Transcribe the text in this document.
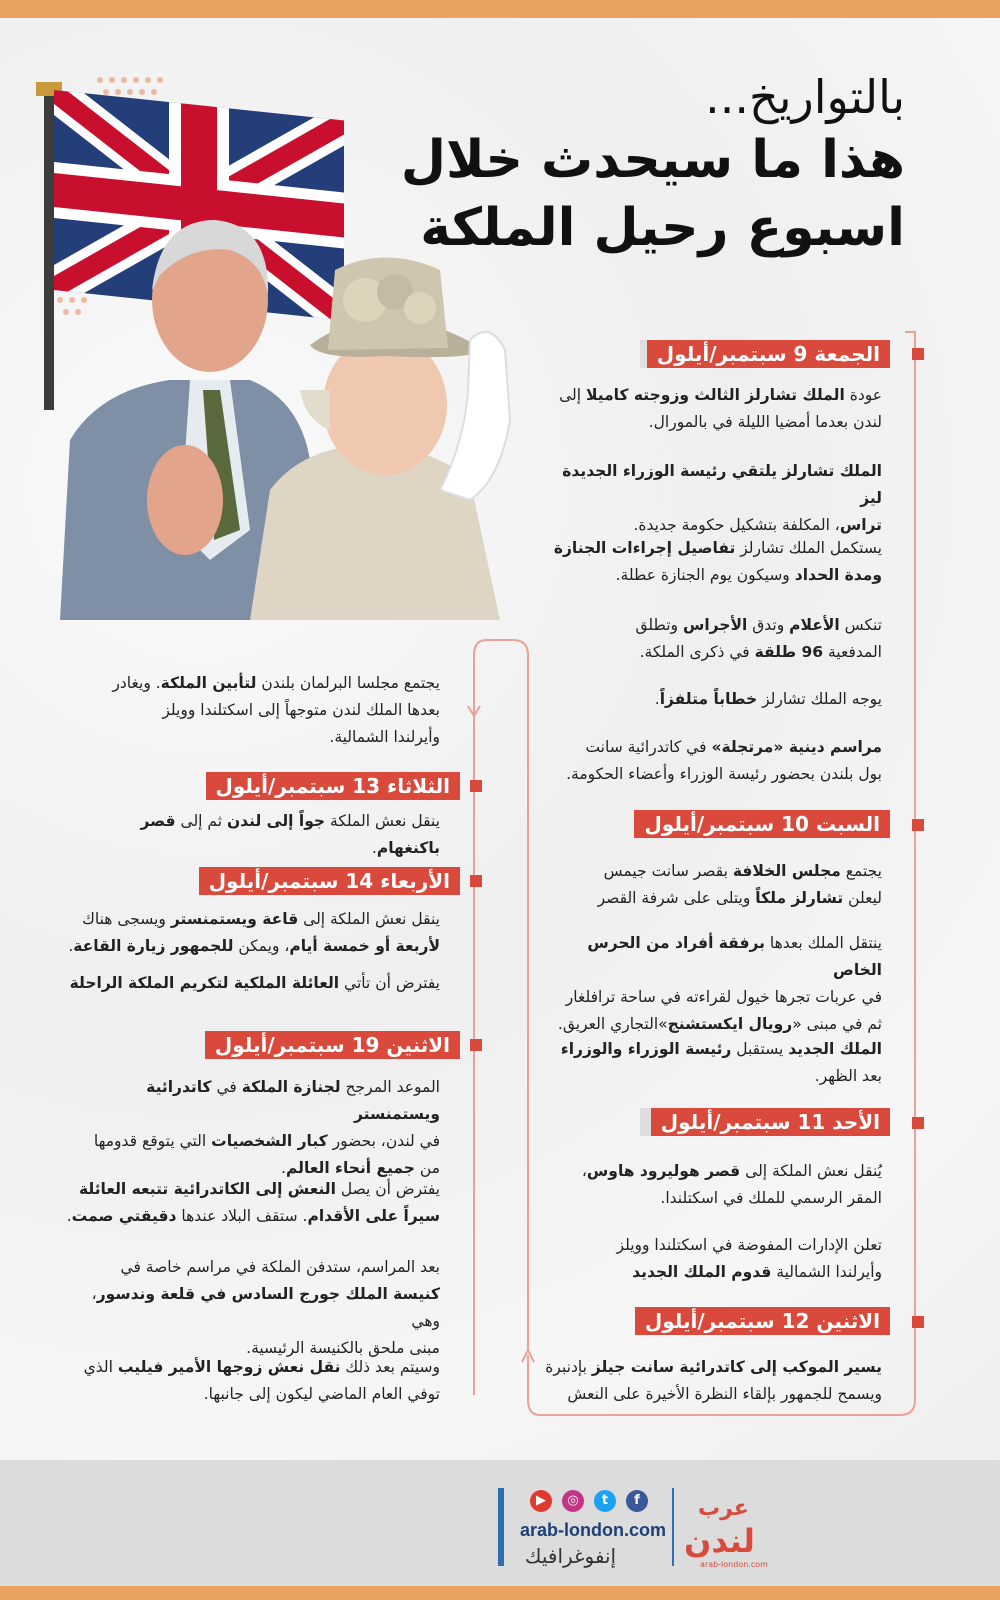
بالتواريخ...
هذا ما سيحدث خلال
اسبوع رحيل الملكة
الجمعة 9 سبتمبر/أيلول
عودة الملك تشارلز الثالث وزوجته كاميلا إلى
لندن بعدما أمضيا الليلة في بالمورال.
الملك تشارلز يلتقي رئيسة الوزراء الجديدة ليز
تراس، المكلفة بتشكيل حكومة جديدة.
يستكمل الملك تشارلز تفاصيل إجراءات الجنازة
ومدة الحداد وسيكون يوم الجنازة عطلة.
تنكس الأعلام وتدق الأجراس وتطلق
المدفعية 96 طلقة في ذكرى الملكة.
يوجه الملك تشارلز خطاباً متلفزاً.
مراسم دينية «مرتجلة» في كاتدرائية سانت
بول بلندن بحضور رئيسة الوزراء وأعضاء الحكومة.
السبت 10 سبتمبر/أيلول
يجتمع مجلس الخلافة بقصر سانت جيمس
ليعلن تشارلز ملكاً ويتلى على شرفة القصر
ينتقل الملك بعدها برفقة أفراد من الحرس الخاص
في عربات تجرها خيول لقراءته في ساحة ترافلغار
ثم في مبنى «رويال ايكستشنج»التجاري العريق.
الملك الجديد يستقبل رئيسة الوزراء والوزراء
بعد الظهر.
الأحد 11 سبتمبر/أيلول
يُنقل نعش الملكة إلى قصر هوليرود هاوس،
المقر الرسمي للملك في اسكتلندا.
تعلن الإدارات المفوضة في اسكتلندا وويلز
وأيرلندا الشمالية قدوم الملك الجديد
الاثنين 12 سبتمبر/أيلول
يسير الموكب إلى كاتدرائية سانت جيلز بإدنبرة
ويسمح للجمهور بإلقاء النظرة الأخيرة على النعش
يجتمع مجلسا البرلمان بلندن لتأبين الملكة. ويغادر
بعدها الملك لندن متوجهاً إلى اسكتلندا وويلز
وأيرلندا الشمالية.
الثلاثاء 13 سبتمبر/أيلول
ينقل نعش الملكة جواً إلى لندن ثم إلى قصر باكنغهام.
الأربعاء 14 سبتمبر/أيلول
ينقل نعش الملكة إلى قاعة ويستمنستر ويسجى هناك
لأربعة أو خمسة أيام، ويمكن للجمهور زيارة القاعة.
يفترض أن تأتي العائلة الملكية لتكريم الملكة الراحلة
الاثنين 19 سبتمبر/أيلول
الموعد المرجح لجنازة الملكة في كاتدرائية ويستمنستر
في لندن، بحضور كبار الشخصيات التي يتوقع قدومها
من جميع أنحاء العالم.
يفترض أن يصل النعش إلى الكاتدرائية تتبعه العائلة
سيراً على الأقدام. ستقف البلاد عندها دقيقتي صمت.
بعد المراسم، ستدفن الملكة في مراسم خاصة في
كنيسة الملك جورج السادس في قلعة وندسور، وهي
مبنى ملحق بالكنيسة الرئيسية.
وسيتم بعد ذلك نقل نعش زوجها الأمير فيليب الذي
توفي العام الماضي ليكون إلى جانبها.
▶	◎	t	f
arab-london.com
إنفوغرافيك
عرب
لندن
arab-london.com
